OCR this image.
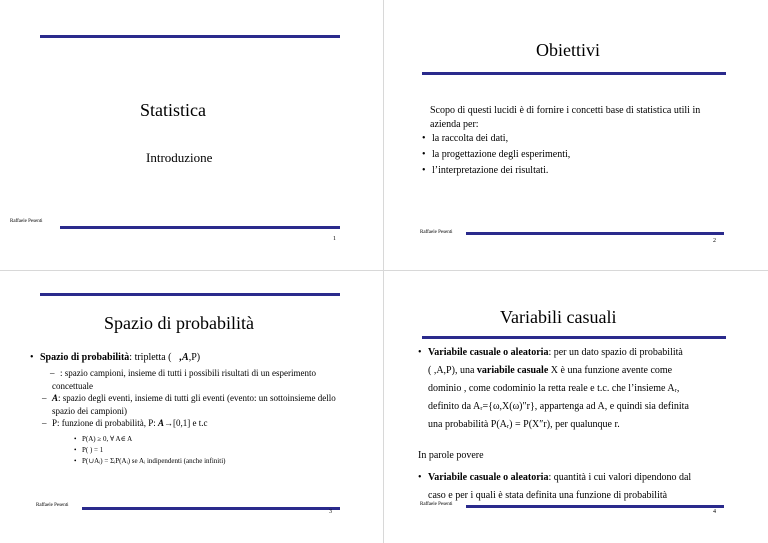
Statistica
Introduzione
Raffaele Pesenti
1
Obiettivi
Scopo di questi lucidi è di fornire i concetti base di statistica utili in azienda per:
• la raccolta dei dati,
• la progettazione degli esperimenti,
• l’interpretazione dei risultati.
Raffaele Pesenti
2
Spazio di probabilità
• Spazio di probabilità: tripletta ( ,A,P)
– : spazio campioni, insieme di tutti i possibili risultati di un esperimento concettuale
– A: spazio degli eventi, insieme di tutti gli eventi (evento: un sottoinsieme dello spazio dei campioni)
– P: funzione di probabilità, P: A→[0,1] e t.c
• P(A) ≥ 0, ∀ A∈ A
• P( ) = 1
• P(∪Aᵢ) = ΣᵢP(Aᵢ) se Aᵢ indipendenti (anche infiniti)
Raffaele Pesenti
3
Variabili casuali
• Variabile casuale o aleatoria: per un dato spazio di probabilità
( ,A,P), una variabile casuale X è una funzione avente come
dominio , come codominio la retta reale e t.c. che l’insieme Aᵣ,
definito da Aᵣ={ω,X(ω)″r}, appartenga ad A, e quindi sia definita
una probabilità P(Aᵣ) = P(X″r), per qualunque r.
In parole povere
• Variabile casuale o aleatoria: quantità i cui valori dipendono dal
caso e per i quali è stata definita una funzione di probabilità
Raffaele Pesenti
4
